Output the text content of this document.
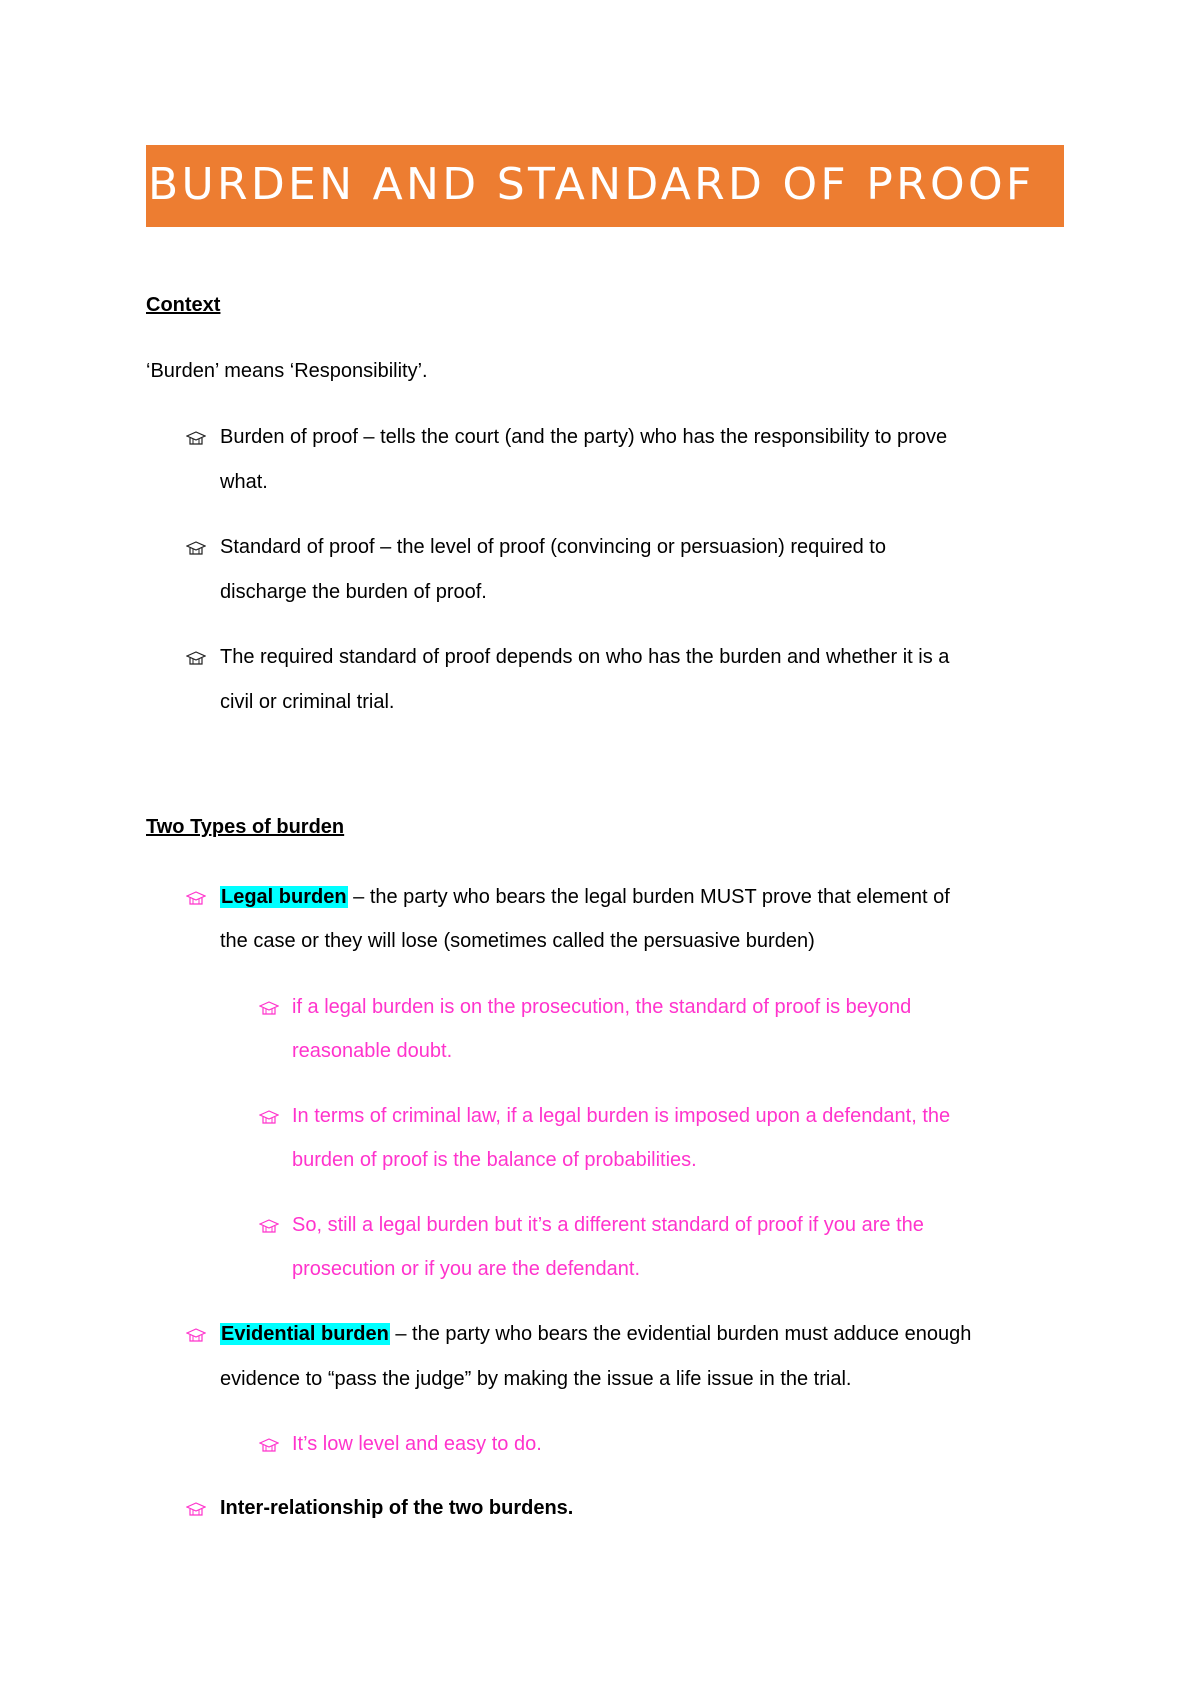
BURDEN AND STANDARD OF PROOF
Context
‘Burden’ means ‘Responsibility’.
Burden of proof – tells the court (and the party) who has the responsibility to prove
what.
Standard of proof – the level of proof (convincing or persuasion) required to
discharge the burden of proof.
The required standard of proof depends on who has the burden and whether it is a
civil or criminal trial.
Two Types of burden
Legal burden – the party who bears the legal burden MUST prove that element of
the case or they will lose (sometimes called the persuasive burden)
if a legal burden is on the prosecution, the standard of proof is beyond
reasonable doubt.
In terms of criminal law, if a legal burden is imposed upon a defendant, the
burden of proof is the balance of probabilities.
So, still a legal burden but it’s a different standard of proof if you are the
prosecution or if you are the defendant.
Evidential burden – the party who bears the evidential burden must adduce enough
evidence to “pass the judge” by making the issue a life issue in the trial.
It’s low level and easy to do.
Inter-relationship of the two burdens.
